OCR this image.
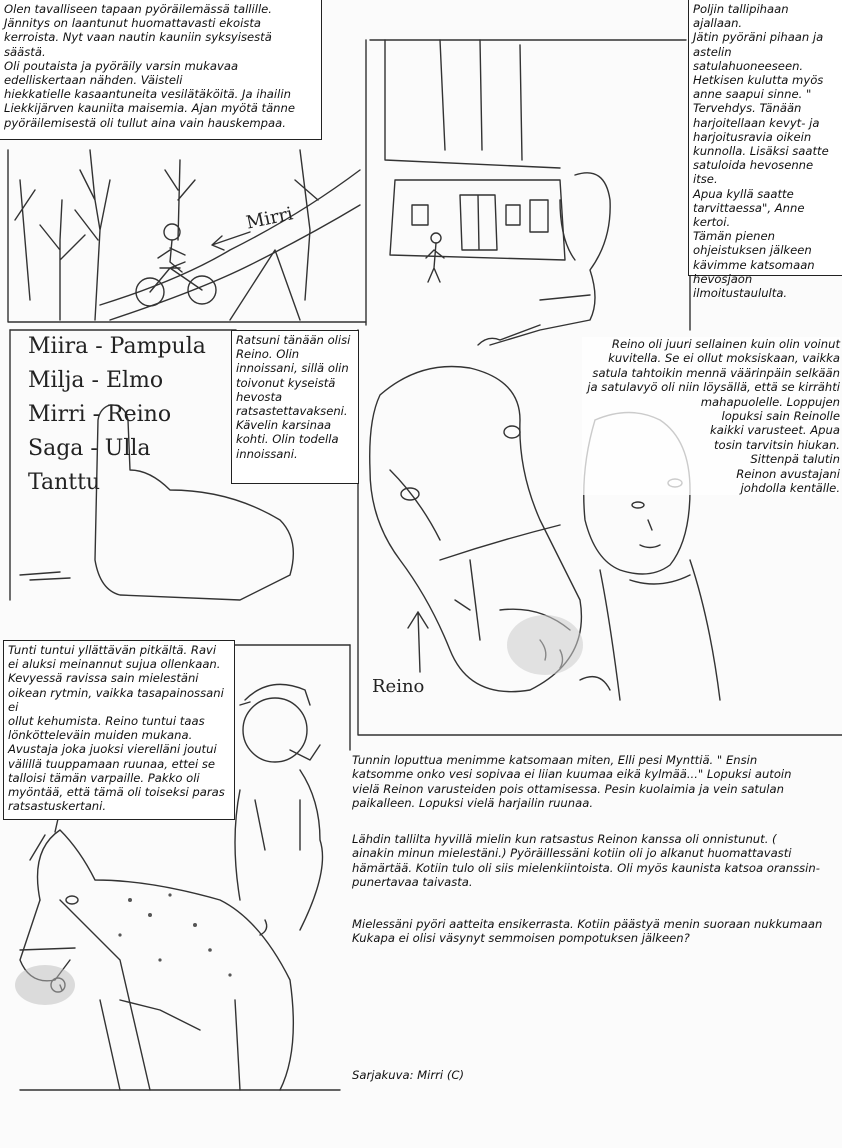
Mirri
Reino
Miira - Pampula
Milja - Elmo
Mirri - Reino
Saga - Ulla
Tanttu
Olen tavalliseen tapaan pyöräilemässä tallille.
Jännitys on laantunut huomattavasti ekoista
kerroista. Nyt vaan nautin kauniin syksyisestä säästä.
Oli poutaista ja pyöräily varsin mukavaa
edelliskertaan nähden. Väisteli
hiekkatielle kasaantuneita vesilätäköitä. Ja ihailin
Liekkijärven kauniita maisemia. Ajan myötä tänne
pyöräilemisestä oli tullut aina vain hauskempaa.
Poljin tallipihaan ajallaan.
Jätin pyöräni pihaan ja
astelin satulahuoneeseen.
Hetkisen kulutta myös
anne saapui sinne. "
Tervehdys. Tänään
harjoitellaan kevyt- ja
harjoitusravia oikein
kunnolla. Lisäksi saatte
satuloida hevosenne itse.
Apua kyllä saatte
tarvittaessa", Anne kertoi.
Tämän pienen
ohjeistuksen jälkeen
kävimme katsomaan
hevosjaon
ilmoitustaululta.
Ratsuni tänään olisi
Reino. Olin
innoissani, sillä olin
toivonut kyseistä
hevosta
ratsastettavakseni.
Kävelin karsinaa
kohti. Olin todella
innoissani.
Reino oli juuri sellainen kuin olin voinut
kuvitella. Se ei ollut moksiskaan, vaikka
satula tahtoikin mennä väärinpäin selkään
ja satulavyö oli niin löysällä, että se kirrähti
mahapuolelle. Loppujen
lopuksi sain Reinolle
kaikki varusteet. Apua
tosin tarvitsin hiukan.
Sittenpä talutin
Reinon avustajani
johdolla kentälle.
Tunti tuntui yllättävän pitkältä. Ravi
ei aluksi meinannut sujua ollenkaan.
Kevyessä ravissa sain mielestäni
oikean rytmin, vaikka tasapainossani ei
ollut kehumista. Reino tuntui taas
lönkötteleväin muiden mukana.
Avustaja joka juoksi vierelläni joutui
välillä tuuppamaan ruunaa, ettei se
talloisi tämän varpaille. Pakko oli
myöntää, että tämä oli toiseksi paras
ratsastuskertani.
Tunnin loputtua menimme katsomaan miten, Elli pesi Mynttiä. " Ensin
katsomme onko vesi sopivaa ei liian kuumaa eikä kylmää..." Lopuksi autoin
vielä Reinon varusteiden pois ottamisessa. Pesin kuolaimia ja vein satulan
paikalleen. Lopuksi vielä harjailin ruunaa.
Lähdin tallilta hyvillä mielin kun ratsastus Reinon kanssa oli onnistunut. (
ainakin minun mielestäni.) Pyöräillessäni kotiin oli jo alkanut huomattavasti
hämärtää. Kotiin tulo oli siis mielenkiintoista. Oli myös kaunista katsoa oranssin-
punertavaa taivasta.
Mielessäni pyöri aatteita ensikerrasta. Kotiin päästyä menin suoraan nukkumaan
Kukapa ei olisi väsynyt semmoisen pompotuksen jälkeen?
Sarjakuva: Mirri (C)
